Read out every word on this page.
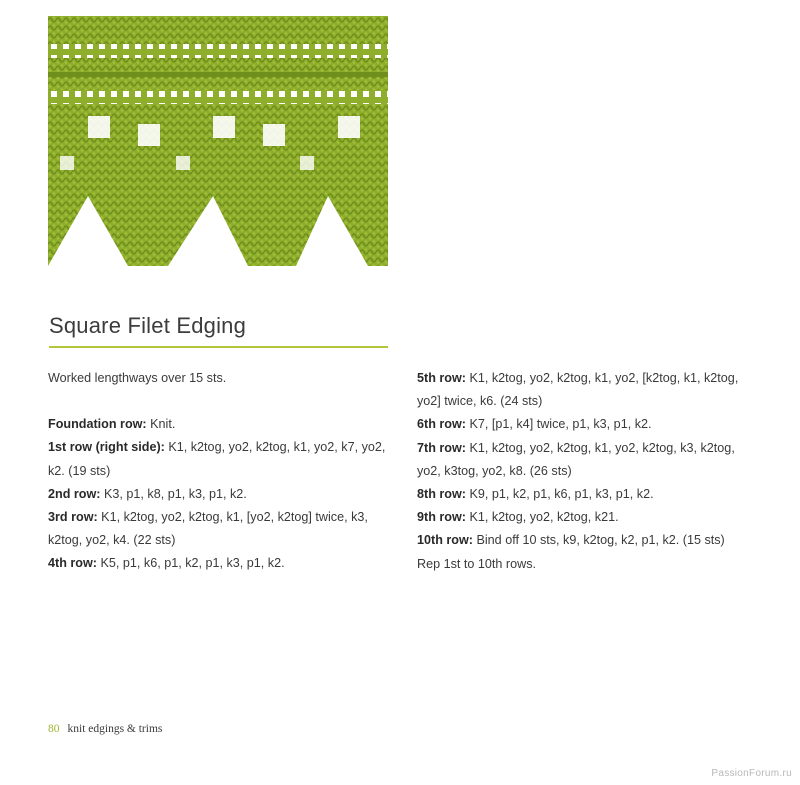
Square Filet Edging

Worked lengthways over 15 sts.

Foundation row: Knit.

1st row (right side): K1, k2tog, yo2, k2tog, k1, yo2, k7, yo2, k2. (19 sts)

2nd row: K3, p1, k8, p1, k3, p1, k2.

3rd row: K1, k2tog, yo2, k2tog, k1, [yo2, k2tog] twice, k3, k2tog, yo2, k4. (22 sts)

4th row: K5, p1, k6, p1, k2, p1, k3, p1, k2.

5th row: K1, k2tog, yo2, k2tog, k1, yo2, [k2tog, k1, k2tog, yo2] twice, k6. (24 sts)

6th row: K7, [p1, k4] twice, p1, k3, p1, k2.

7th row: K1, k2tog, yo2, k2tog, k1, yo2, k2tog, k3, k2tog, yo2, k3tog, yo2, k8. (26 sts)

8th row: K9, p1, k2, p1, k6, p1, k3, p1, k2.

9th row: K1, k2tog, yo2, k2tog, k21.

10th row: Bind off 10 sts, k9, k2tog, k2, p1, k2. (15 sts)

Rep 1st to 10th rows.

80 knit edgings & trims
PassionForum.ru
